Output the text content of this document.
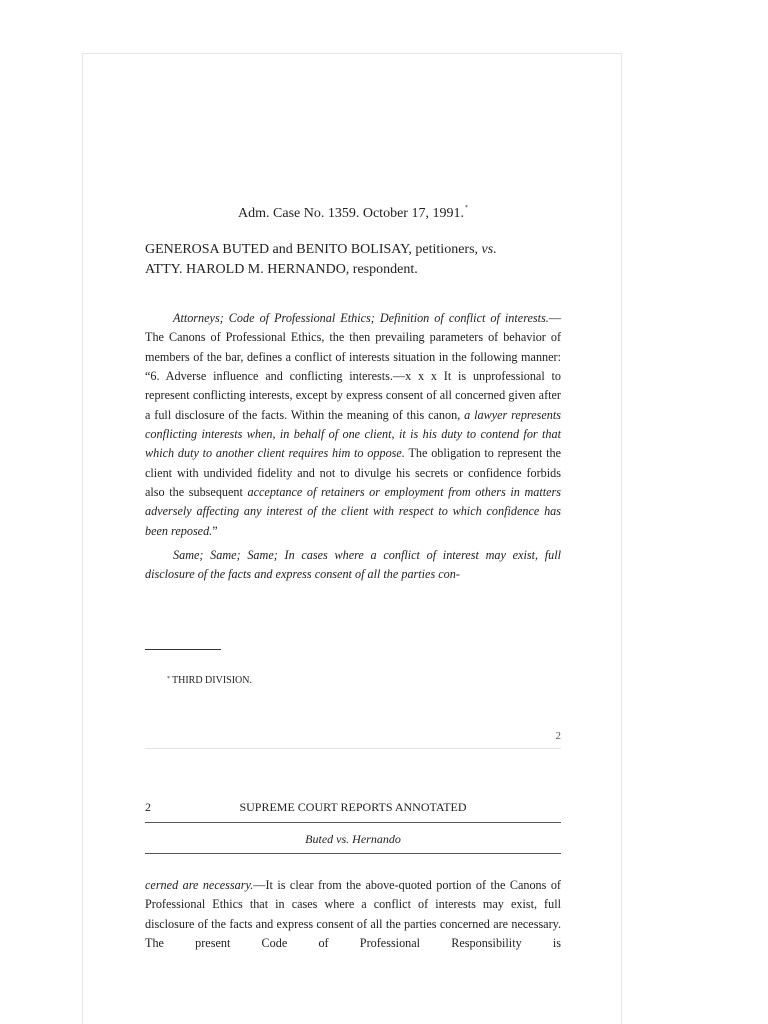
Adm. Case No. 1359. October 17, 1991.*
GENEROSA BUTED and BENITO BOLISAY, petitioners, vs.
ATTY. HAROLD M. HERNANDO, respondent.

Attorneys; Code of Professional Ethics; Definition of conflict of interests.—The Canons of Professional Ethics, the then prevailing parameters of behavior of members of the bar, defines a conflict of interests situation in the following manner: “6. Adverse influence and conflicting interests.—x x x It is unprofessional to represent conflicting interests, except by express consent of all concerned given after a full disclosure of the facts. Within the meaning of this canon, a lawyer represents conflicting interests when, in behalf of one client, it is his duty to contend for that which duty to another client requires him to oppose. The obligation to represent the client with undivided fidelity and not to divulge his secrets or confidence forbids also the subsequent acceptance of retainers or employment from others in matters adversely affecting any interest of the client with respect to which confidence has been reposed.”

Same; Same; Same; In cases where a conflict of interest may exist, full disclosure of the facts and express consent of all the parties con-

* THIRD DIVISION.
2
2	SUPREME COURT REPORTS ANNOTATED
Buted vs. Hernando

cerned are necessary.—It is clear from the above-quoted portion of the Canons of Professional Ethics that in cases where a conflict of interests may exist, full disclosure of the facts and express consent of all the parties concerned are necessary. The present Code of Professional Responsibility is
